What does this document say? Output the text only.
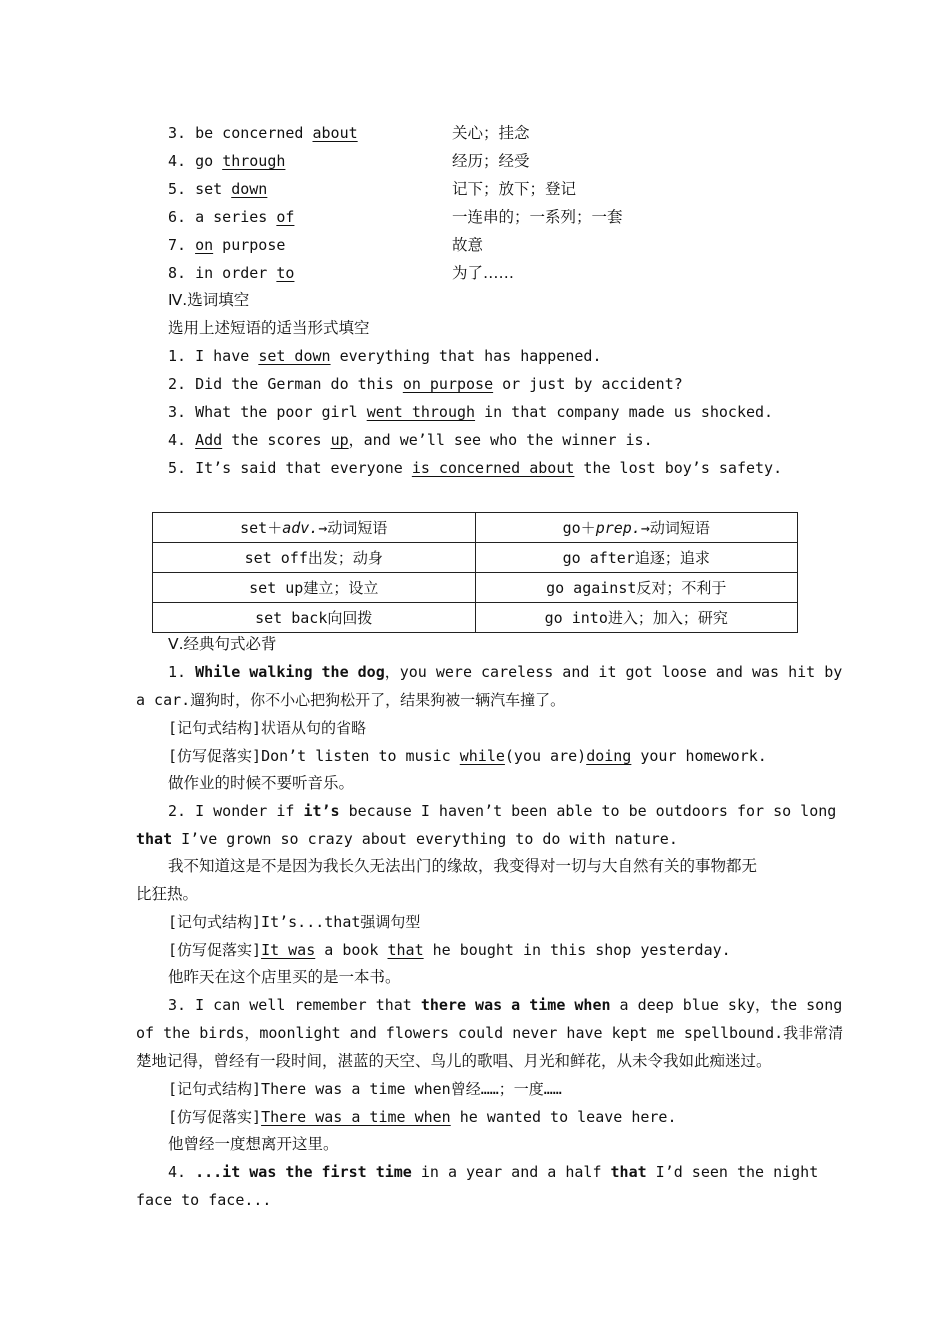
3. be concerned about	关心；挂念
4. go through	经历；经受
5. set down	记下；放下；登记
6. a series of	一连串的；一系列；一套
7. on purpose	故意
8. in order to	为了……
Ⅳ.选词填空
选用上述短语的适当形式填空
1. I have set down everything that has happened.
2. Did the German do this on purpose or just by accident?
3. What the poor girl went through in that company made us shocked.
4. Add the scores up，and we’ll see who the winner is.
5. It’s said that everyone is concerned about the lost boy’s safety.
set＋adv.→动词短语	go＋prep.→动词短语
set off出发；动身	go after追逐；追求
set up建立；设立	go against反对；不利于
set back向回拨	go into进入；加入；研究
Ⅴ.经典句式必背
1. While walking the dog，you were careless and it got loose and was hit by
a car.遛狗时，你不小心把狗松开了，结果狗被一辆汽车撞了。
[记句式结构]状语从句的省略
[仿写促落实]Don’t listen to music while(you are)doing your homework.
做作业的时候不要听音乐。
2. I wonder if it’s because I haven’t been able to be outdoors for so long
that I’ve grown so crazy about everything to do with nature.
我不知道这是不是因为我长久无法出门的缘故，我变得对一切与大自然有关的事物都无
比狂热。
[记句式结构]It’s...that强调句型
[仿写促落实]It was a book that he bought in this shop yesterday.
他昨天在这个店里买的是一本书。
3. I can well remember that there was a time when a deep blue sky，the song
of the birds，moonlight and flowers could never have kept me spellbound.我非常清
楚地记得，曾经有一段时间，湛蓝的天空、鸟儿的歌唱、月光和鲜花，从未令我如此痴迷过。
[记句式结构]There was a time when曾经……；一度……
[仿写促落实]There was a time when he wanted to leave here.
他曾经一度想离开这里。
4. ...it was the first time in a year and a half that I’d seen the night
face to face...
